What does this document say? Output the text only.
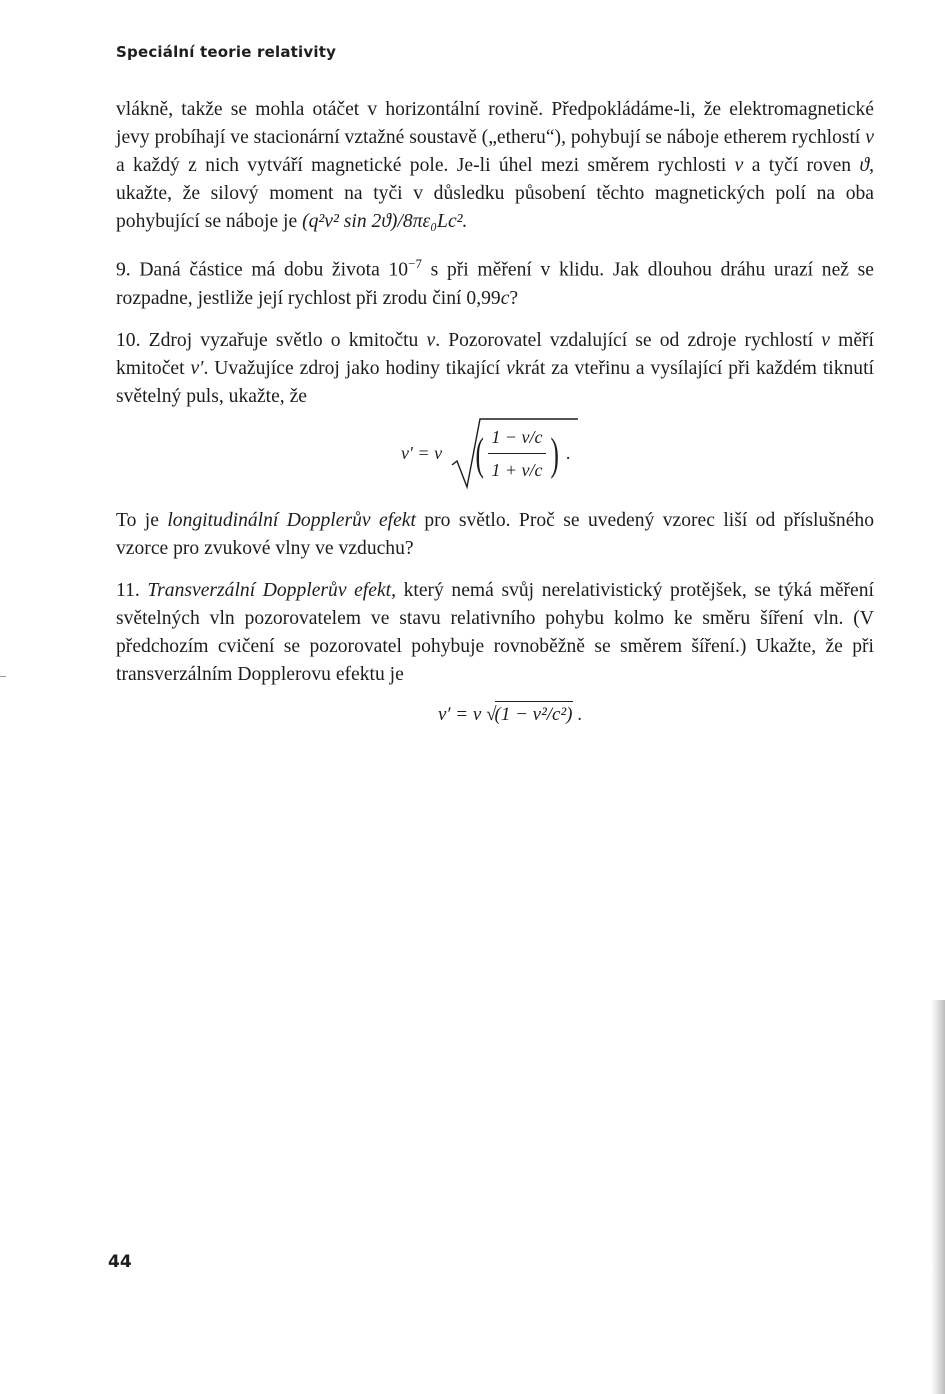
Speciální teorie relativity

vlákně, takže se mohla otáčet v horizontální rovině. Předpokládáme-li, že elektromagnetické jevy probíhají ve stacionární vztažné soustavě („etheru“), pohybují se náboje etherem rychlostí v a každý z nich vytváří magnetické pole. Je-li úhel mezi směrem rychlosti v a tyčí roven ϑ, ukažte, že silový moment na tyči v důsledku působení těchto magnetických polí na oba pohybující se náboje je (q²v² sin 2ϑ)/8πε₀Lc².

9. Daná částice má dobu života $10^{-7}$ s při měření v klidu. Jak dlouhou dráhu urazí než se rozpadne, jestliže její rychlost při zrodu činí 0,99c?

10. Zdroj vyzařuje světlo o kmitočtu ν. Pozorovatel vzdalující se od zdroje rychlostí v měří kmitočet ν′. Uvažujíce zdroj jako hodiny tikající νkrát za vteřinu a vysílající při každém tiknutí světelný puls, ukažte, že

ν′ = ν ( $\frac{1 - v/c}{1 + v/c}$ ) .

To je longitudinální Dopplerův efekt pro světlo. Proč se uvedený vzorec liší od příslušného vzorce pro zvukové vlny ve vzduchu?

11. Transverzální Dopplerův efekt, který nemá svůj nerelativistický protějšek, se týká měření světelných vln pozorovatelem ve stavu relativního pohybu kolmo ke směru šíření vln. (V předchozím cvičení se pozorovatel pohybuje rovnoběžně se směrem šíření.) Ukažte, že při transverzálním Dopplerovu efektu je

ν′ = ν √(1 − v²/c²) .
44
